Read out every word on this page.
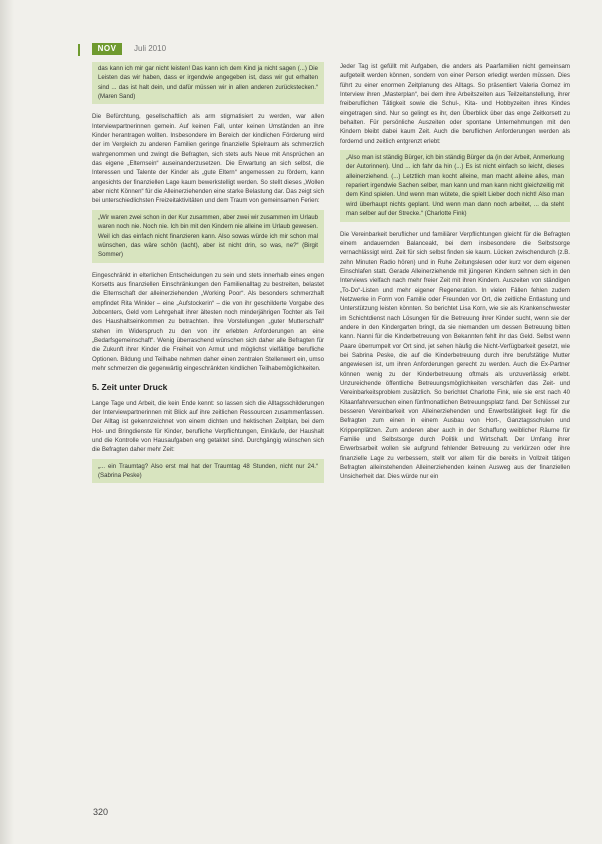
NOV	Juli 2010
das kann ich mir gar nicht leisten! Das kann ich dem Kind ja nicht sagen (...) Die Leisten das wir haben, dass er irgendwie angegeben ist, dass wir gut erhalten sind ... das ist halt dein, und dafür müssen wir in allen anderen zurückstecken.“ (Maren Sand)

Die Befürchtung, gesellschaftlich als arm stigmatisiert zu werden, war allen Interviewpartnerinnen gemein. Auf keinen Fall, unter keinen Umständen an ihre Kinder herantragen wollten. Insbesondere im Bereich der kindlichen Förderung wird der im Vergleich zu anderen Familien geringe finanzielle Spielraum als schmerzlich wahrgenommen und zwingt die Befragten, sich stets aufs Neue mit Ansprüchen an das eigene „Elternsein“ auseinanderzusetzen. Die Erwartung an sich selbst, die Interessen und Talente der Kinder als „gute Eltern“ angemessen zu fördern, kann angesichts der finanziellen Lage kaum bewerkstelligt werden. So stellt dieses „Wollen aber nicht Können“ für die Alleinerziehenden eine starke Belastung dar. Das zeigt sich bei unterschiedlichsten Freizeitaktivitäten und dem Traum von gemeinsamen Ferien:

„Wir waren zwei schon in der Kur zusammen, aber zwei wir zusammen im Urlaub waren noch nie. Noch nie. Ich bin mit den Kindern nie alleine im Urlaub gewesen. Weil ich das einfach nicht finanzieren kann. Also sowas würde ich mir schon mal wünschen, das wäre schön (lacht), aber ist nicht drin, so was, ne?“ (Birgit Sommer)

Eingeschränkt in elterlichen Entscheidungen zu sein und stets innerhalb eines engen Korsetts aus finanziellen Einschränkungen den Familienalltag zu bestreiten, belastet die Elternschaft der alleinerziehenden „Working Poor“. Als besonders schmerzhaft empfindet Rita Winkler – eine „Aufstockerin“ – die von ihr geschilderte Vorgabe des Jobcenters, Geld vom Lehrgehalt ihrer ältesten noch minderjährigen Tochter als Teil des Haushaltseinkommen zu betrachten. Ihre Vorstellungen „guter Mutterschaft“ stehen im Widerspruch zu den von ihr erlebten Anforderungen an eine „Bedarfsgemeinschaft“. Wenig überraschend wünschen sich daher alle Befragten für die Zukunft ihrer Kinder die Freiheit von Armut und möglichst vielfältige berufliche Optionen. Bildung und Teilhabe nehmen daher einen zentralen Stellenwert ein, umso mehr schmerzen die gegenwärtig eingeschränkten kindlichen Teilhabemöglichkeiten.

5. Zeit unter Druck

Lange Tage und Arbeit, die kein Ende kennt: so lassen sich die Alltagsschilderungen der Interviewpartnerinnen mit Blick auf ihre zeitlichen Ressourcen zusammenfassen. Der Alltag ist gekennzeichnet von einem dichten und hektischen Zeitplan, bei dem Hol- und Bringdienste für Kinder, berufliche Verpflichtungen, Einkäufe, der Haushalt und die Kontrolle von Hausaufgaben eng getaktet sind. Durchgängig wünschen sich die Befragten daher mehr Zeit:

„... ein Traumtag? Also erst mal hat der Traumtag 48 Stunden, nicht nur 24.“ (Sabrina Peske)

Jeder Tag ist gefüllt mit Aufgaben, die anders als Paarfamilien nicht gemeinsam aufgeteilt werden können, sondern von einer Person erledigt werden müssen. Dies führt zu einer enormen Zeitplanung des Alltags. So präsentiert Valeria Gomez im Interview ihren „Masterplan“, bei dem ihre Arbeitszeiten aus Teilzeitanstellung, ihrer freiberuflichen Tätigkeit sowie die Schul-, Kita- und Hobbyzeiten ihres Kindes eingetragen sind. Nur so gelingt es ihr, den Überblick über das enge Zeitkorsett zu behalten. Für persönliche Auszeiten oder spontane Unternehmungen mit den Kindern bleibt dabei kaum Zeit. Auch die beruflichen Anforderungen werden als fordernd und zeitlich entgrenzt erlebt:

„Also man ist ständig Bürger, ich bin ständig Bürger da (in der Arbeit, Anmerkung der Autorinnen). Und ... ich fahr da hin (...) Es ist nicht einfach so leicht, dieses alleinerziehend. (...) Letztlich man kocht alleine, man macht alleine alles, man repariert irgendwie Sachen selber, man kann und man kann nicht gleichzeitig mit dem Kind spielen. Und wenn man wütete, die spielt Lieber doch nicht! Also man wird überhaupt nichts geplant. Und wenn man dann noch arbeitet, ... da steht man selber auf der Strecke.“ (Charlotte Fink)

Die Vereinbarkeit beruflicher und familiärer Verpflichtungen gleicht für die Befragten einem andauernden Balanceakt, bei dem insbesondere die Selbstsorge vernachlässigt wird. Zeit für sich selbst finden sie kaum. Lücken zwischendurch (z.B. zehn Minuten Radio hören) und in Ruhe Zeitungslesen oder kurz vor dem eigenen Einschlafen statt. Gerade Alleinerziehende mit jüngeren Kindern sehnen sich in den Interviews vielfach nach mehr freier Zeit mit ihren Kindern. Auszeiten von ständigen „To-Do“-Listen und mehr eigener Regeneration. In vielen Fällen fehlen zudem Netzwerke in Form von Familie oder Freunden vor Ort, die zeitliche Entlastung und Unterstützung leisten könnten. So berichtet Lisa Korn, wie sie als Krankenschwester im Schichtdienst nach Lösungen für die Betreuung ihrer Kinder sucht, wenn sie der andere in den Kindergarten bringt, da sie niemanden um dessen Betreuung bitten kann. Nanni für die Kinderbetreuung von Bekannten fehlt ihr das Geld. Selbst wenn Paare überrumpelt vor Ort sind, jet sehen häufig die Nicht-Verfügbarkeit gesetzt, wie bei Sabrina Peske, die auf die Kinderbetreuung durch ihre berufstätige Mutter angewiesen ist, um ihren Anforderungen gerecht zu werden. Auch die Ex-Partner können wenig zu der Kinderbetreuung oftmals als unzuverlässig erlebt. Unzureichende öffentliche Betreuungsmöglichkeiten verschärfen das Zeit- und Vereinbarkeitsproblem zusätzlich. So berichtet Charlotte Fink, wie sie erst nach 40 Kitaanfahrversuchen einen fünfmonatlichen Betreuungsplatz fand. Der Schlüssel zur besseren Vereinbarkeit von Alleinerziehenden und Erwerbstätigkeit liegt für die Befragten zum einen in einem Ausbau von Hort-, Ganztagsschulen und Krippenplätzen. Zum anderen aber auch in der Schaffung weiblicher Räume für Familie und Selbstsorge durch Politik und Wirtschaft. Der Umfang ihrer Erwerbsarbeit wollen sie aufgrund fehlender Betreuung zu verkürzen oder ihre finanzielle Lage zu verbessern, stellt vor allem für die bereits in Vollzeit tätigen Befragten alleinstehenden Alleinerziehenden keinen Ausweg aus der finanziellen Unsicherheit dar. Dies würde nur ein

320
